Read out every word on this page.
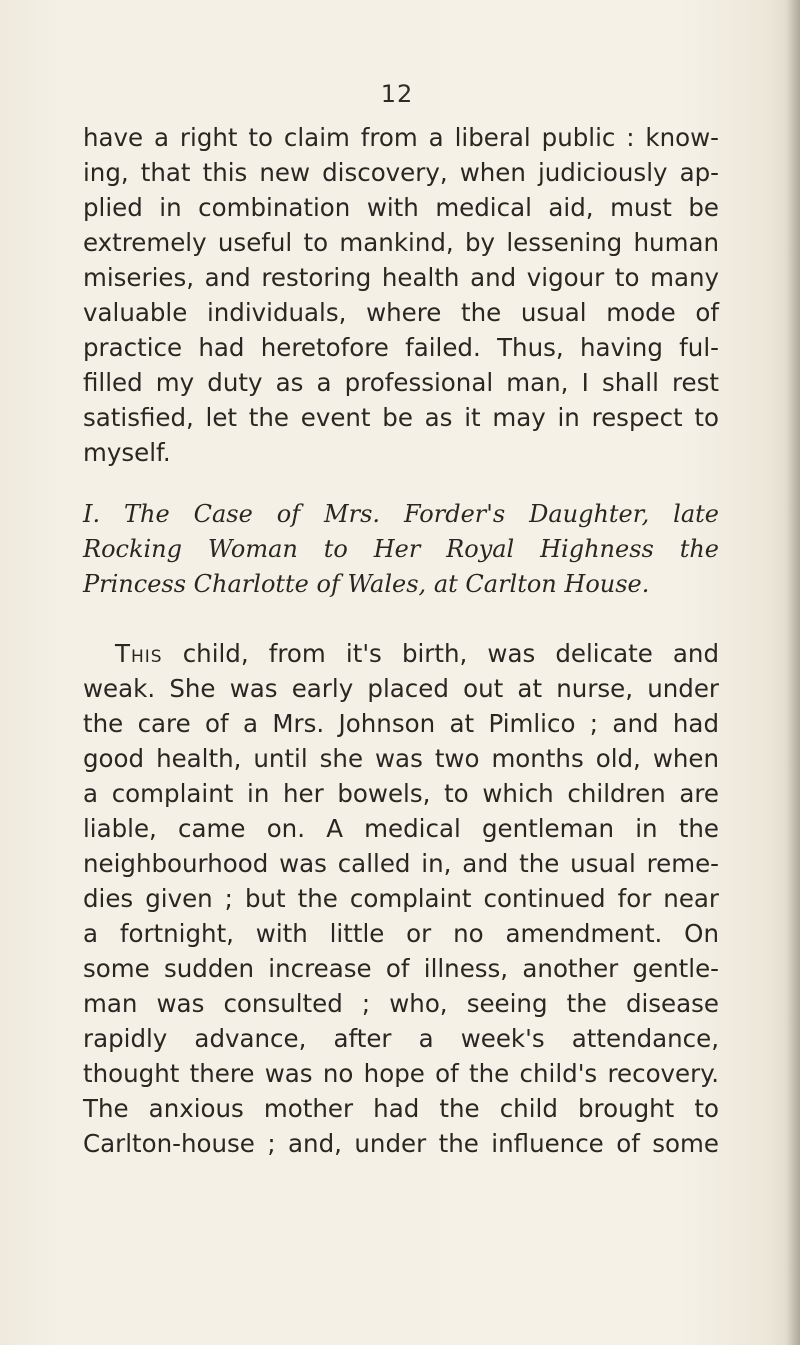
12
have a right to claim from a liberal public : know-
ing, that this new discovery, when judiciously ap-
plied in combination with medical aid, must be
extremely useful to mankind, by lessening human
miseries, and restoring health and vigour to many
valuable individuals, where the usual mode of
practice had heretofore failed. Thus, having ful-
filled my duty as a professional man, I shall rest
satisfied, let the event be as it may in respect to
myself.
I. The Case of Mrs. Forder's Daughter, late
Rocking Woman to Her Royal Highness the
Princess Charlotte of Wales, at Carlton House.
This child, from it's birth, was delicate and
weak. She was early placed out at nurse, under
the care of a Mrs. Johnson at Pimlico ; and had
good health, until she was two months old, when
a complaint in her bowels, to which children are
liable, came on. A medical gentleman in the
neighbourhood was called in, and the usual reme-
dies given ; but the complaint continued for near
a fortnight, with little or no amendment. On
some sudden increase of illness, another gentle-
man was consulted ; who, seeing the disease
rapidly advance, after a week's attendance,
thought there was no hope of the child's recovery.
The anxious mother had the child brought to
Carlton-house ; and, under the influence of some
